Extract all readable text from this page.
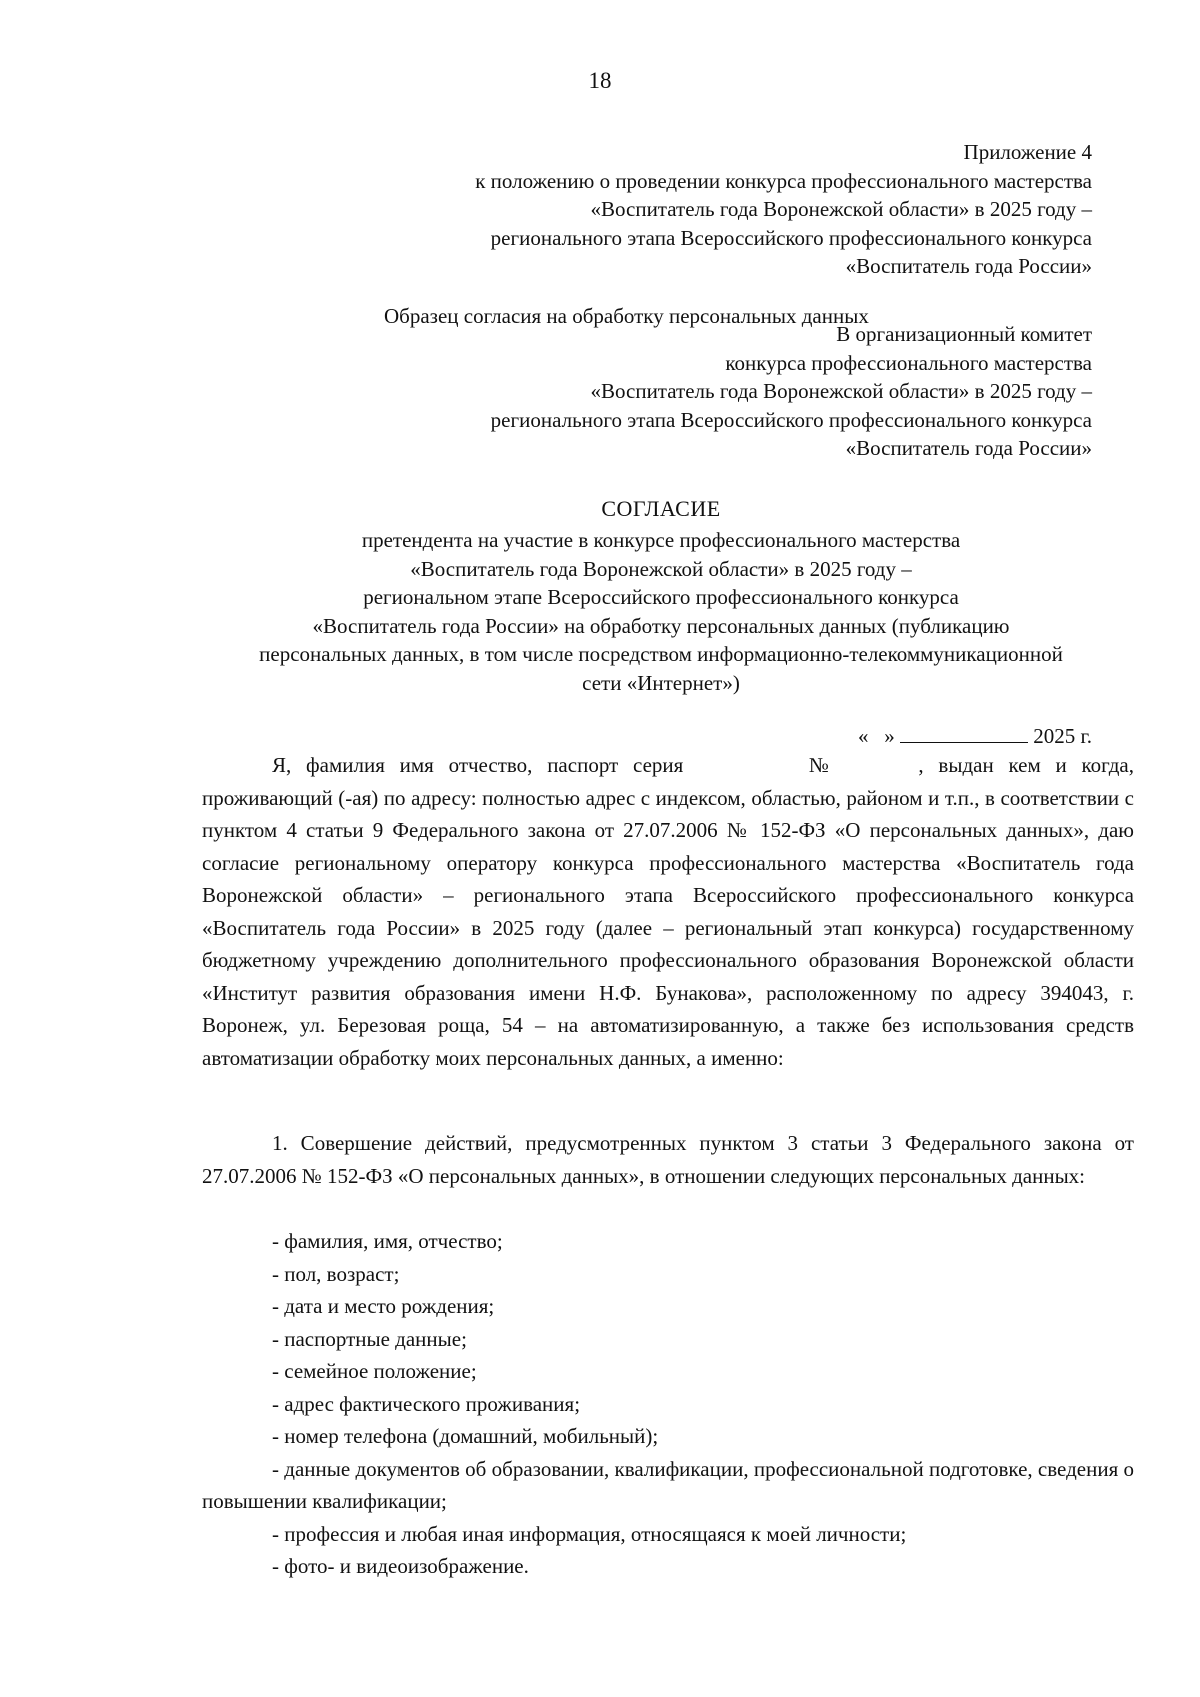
18
Приложение 4
к положению о проведении конкурса профессионального мастерства
«Воспитатель года Воронежской области» в 2025 году –
регионального этапа Всероссийского профессионального конкурса
«Воспитатель года России»
Образец согласия на обработку персональных данных
В организационный комитет
конкурса профессионального мастерства
«Воспитатель года Воронежской области» в 2025 году –
регионального этапа Всероссийского профессионального конкурса
«Воспитатель года России»
СОГЛАСИЕ
претендента на участие в конкурсе профессионального мастерства
«Воспитатель года Воронежской области» в 2025 году –
региональном этапе Всероссийского профессионального конкурса
«Воспитатель года России» на обработку персональных данных (публикацию
персональных данных, в том числе посредством информационно-телекоммуникационной
сети «Интернет»)
« »	2025 г.

Я, фамилия имя отчество, паспорт серия	№	, выдан кем и когда, проживающий (-ая) по адресу: полностью адрес с индексом, областью, районом и т.п., в соответствии с пунктом 4 статьи 9 Федерального закона от 27.07.2006 № 152-ФЗ «О персональных данных», даю согласие региональному оператору конкурса профессионального мастерства «Воспитатель года Воронежской области» – регионального этапа Всероссийского профессионального конкурса «Воспитатель года России» в 2025 году (далее – региональный этап конкурса) государственному бюджетному учреждению дополнительного профессионального образования Воронежской области «Институт развития образования имени Н.Ф. Бунакова», расположенному по адресу 394043, г. Воронеж, ул. Березовая роща, 54 – на автоматизированную, а также без использования средств автоматизации обработку моих персональных данных, а именно:

1. Совершение действий, предусмотренных пунктом 3 статьи 3 Федерального закона от 27.07.2006 № 152-ФЗ «О персональных данных», в отношении следующих персональных данных:

- фамилия, имя, отчество;
- пол, возраст;
- дата и место рождения;
- паспортные данные;
- семейное положение;
- адрес фактического проживания;
- номер телефона (домашний, мобильный);
- данные документов об образовании, квалификации, профессиональной подготовке, сведения о повышении квалификации;
- профессия и любая иная информация, относящаяся к моей личности;
- фото- и видеоизображение.
